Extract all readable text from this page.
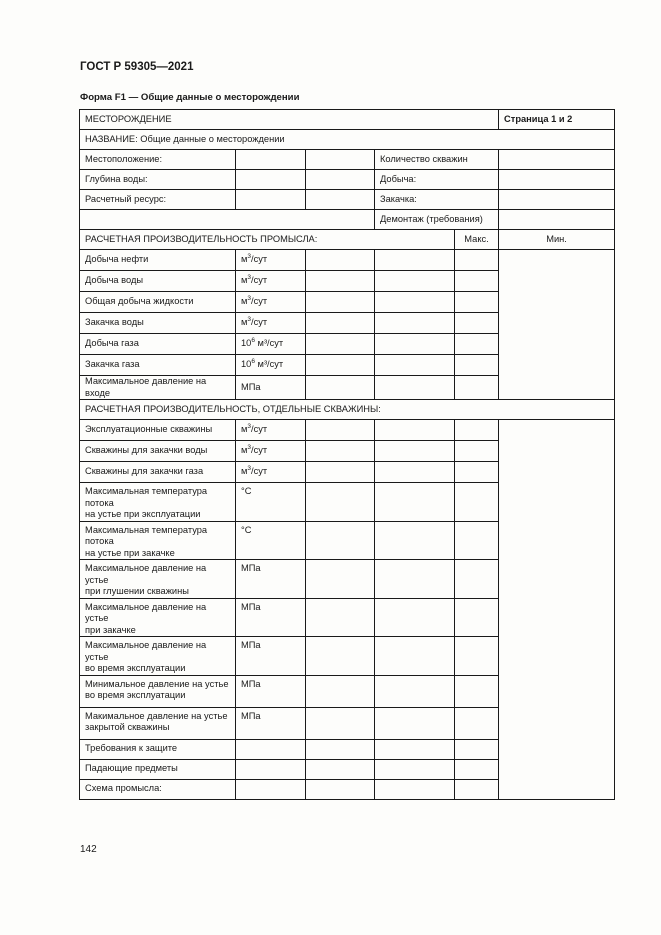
ГОСТ Р 59305—2021
Форма F1 — Общие данные о месторождении
МЕСТОРОЖДЕНИЕ					Страница 1 и 2
НАЗВАНИЕ: Общие данные о месторождении					
Местоположение:			Количество скважин		
Глубина воды:			Добыча:		
Расчетный ресурс:			Закачка:		
			Демонтаж (требования)		
РАСЧЕТНАЯ ПРОИЗВОДИТЕЛЬНОСТЬ ПРОМЫСЛА:				Макс.	Мин.
Добыча нефти	$м^3$/сут				
Добыча воды	$м^3$/сут				
Общая добыча жидкости	$м^3$/сут				
Закачка воды	$м^3$/сут				
Добыча газа	$10^6$ м³/сут				
Закачка газа	$10^6$ м³/сут				
Максимальное давление на входе	МПа				
РАСЧЕТНАЯ ПРОИЗВОДИТЕЛЬНОСТЬ, ОТДЕЛЬНЫЕ СКВАЖИНЫ:					
Эксплуатационные скважины	$м^3$/сут				
Скважины для закачки воды	$м^3$/сут				
Скважины для закачки газа	$м^3$/сут				
Максимальная температура потока
на устье при эксплуатации	°C				
Максимальная температура потока
на устье при закачке	°C				
Максимальное давление на устье
при глушении скважины	МПа				
Максимальное давление на устье
при закачке	МПа				
Максимальное давление на устье
во время эксплуатации	МПа				
Минимальное давление на устье
во время эксплуатации	МПа				
Макимальное давление на устье
закрытой скважины	МПа				
Требования к защите					
Падающие предметы					
Схема промысла:					
142
